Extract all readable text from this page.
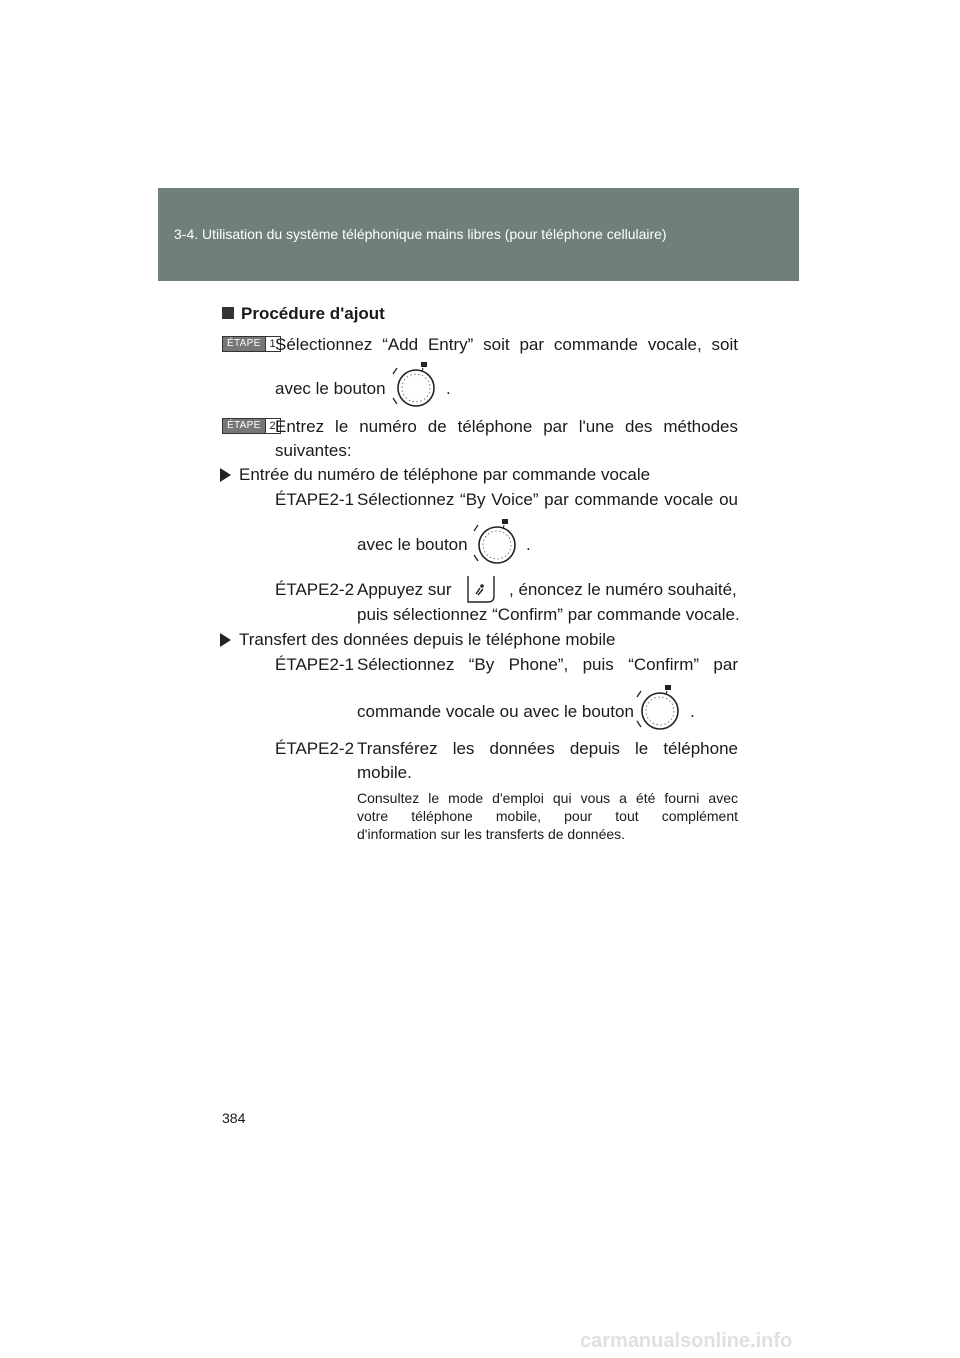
3-4. Utilisation du système téléphonique mains libres (pour téléphone cellulaire)
Procédure d'ajout
ÉTAPE 1 Sélectionnez “Add Entry” soit par commande vocale, soit
avec le bouton	.
ÉTAPE 2 Entrez le numéro de téléphone par l'une des méthodes
suivantes:
Entrée du numéro de téléphone par commande vocale
ÉTAPE2-1 Sélectionnez “By Voice” par commande vocale ou
avec le bouton	.
ÉTAPE2-2 Appuyez sur	, énoncez le numéro souhaité,
puis sélectionnez “Confirm” par commande vocale.
Transfert des données depuis le téléphone mobile
ÉTAPE2-1 Sélectionnez “By Phone”, puis “Confirm” par
commande vocale ou avec le bouton	.
ÉTAPE2-2 Transférez les données depuis le téléphone
mobile.
Consultez le mode d'emploi qui vous a été fourni avec
votre téléphone mobile, pour tout complément
d'information sur les transferts de données.
384
carmanualsonline.info
